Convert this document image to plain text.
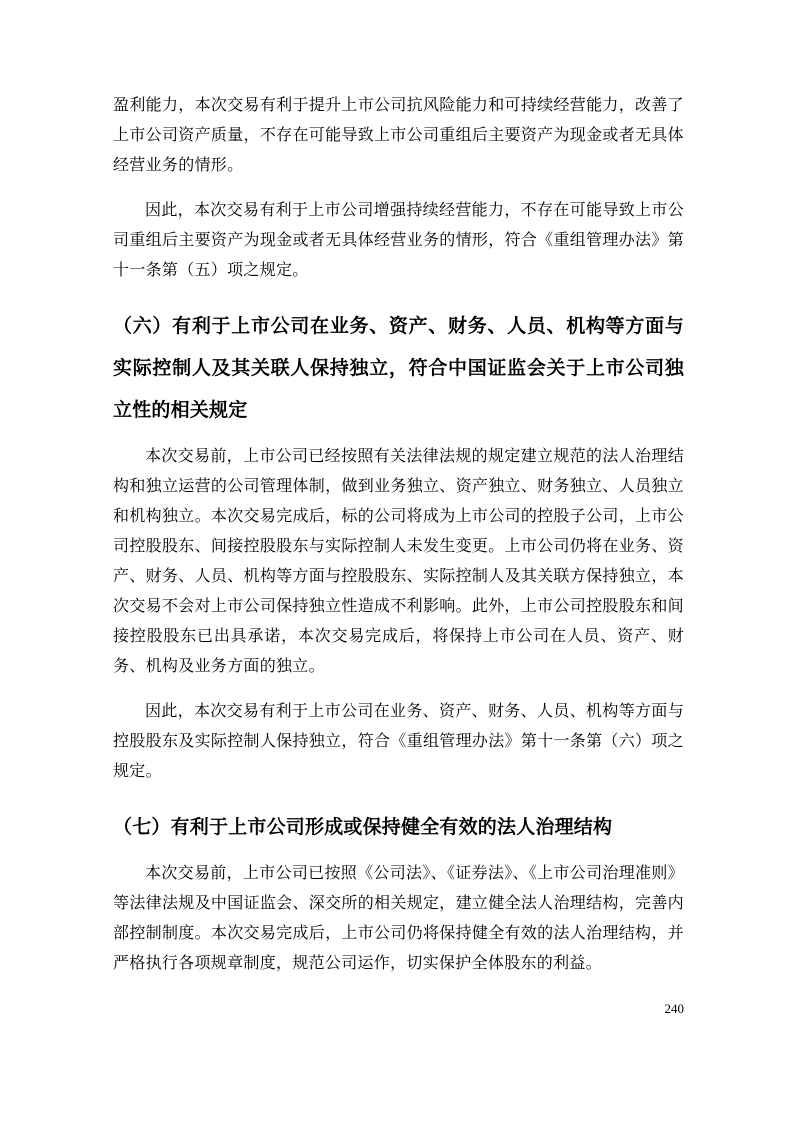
盈利能力，本次交易有利于提升上市公司抗风险能力和可持续经营能力，改善了上市公司资产质量，不存在可能导致上市公司重组后主要资产为现金或者无具体经营业务的情形。

因此，本次交易有利于上市公司增强持续经营能力，不存在可能导致上市公司重组后主要资产为现金或者无具体经营业务的情形，符合《重组管理办法》第十一条第（五）项之规定。

（六）有利于上市公司在业务、资产、财务、人员、机构等方面与实际控制人及其关联人保持独立，符合中国证监会关于上市公司独立性的相关规定

本次交易前，上市公司已经按照有关法律法规的规定建立规范的法人治理结构和独立运营的公司管理体制，做到业务独立、资产独立、财务独立、人员独立和机构独立。本次交易完成后，标的公司将成为上市公司的控股子公司，上市公司控股股东、间接控股股东与实际控制人未发生变更。上市公司仍将在业务、资产、财务、人员、机构等方面与控股股东、实际控制人及其关联方保持独立，本次交易不会对上市公司保持独立性造成不利影响。此外，上市公司控股股东和间接控股股东已出具承诺，本次交易完成后，将保持上市公司在人员、资产、财务、机构及业务方面的独立。

因此，本次交易有利于上市公司在业务、资产、财务、人员、机构等方面与控股股东及实际控制人保持独立，符合《重组管理办法》第十一条第（六）项之规定。

（七）有利于上市公司形成或保持健全有效的法人治理结构

本次交易前，上市公司已按照《公司法》、《证券法》、《上市公司治理准则》等法律法规及中国证监会、深交所的相关规定，建立健全法人治理结构，完善内部控制制度。本次交易完成后，上市公司仍将保持健全有效的法人治理结构，并严格执行各项规章制度，规范公司运作，切实保护全体股东的利益。

240
